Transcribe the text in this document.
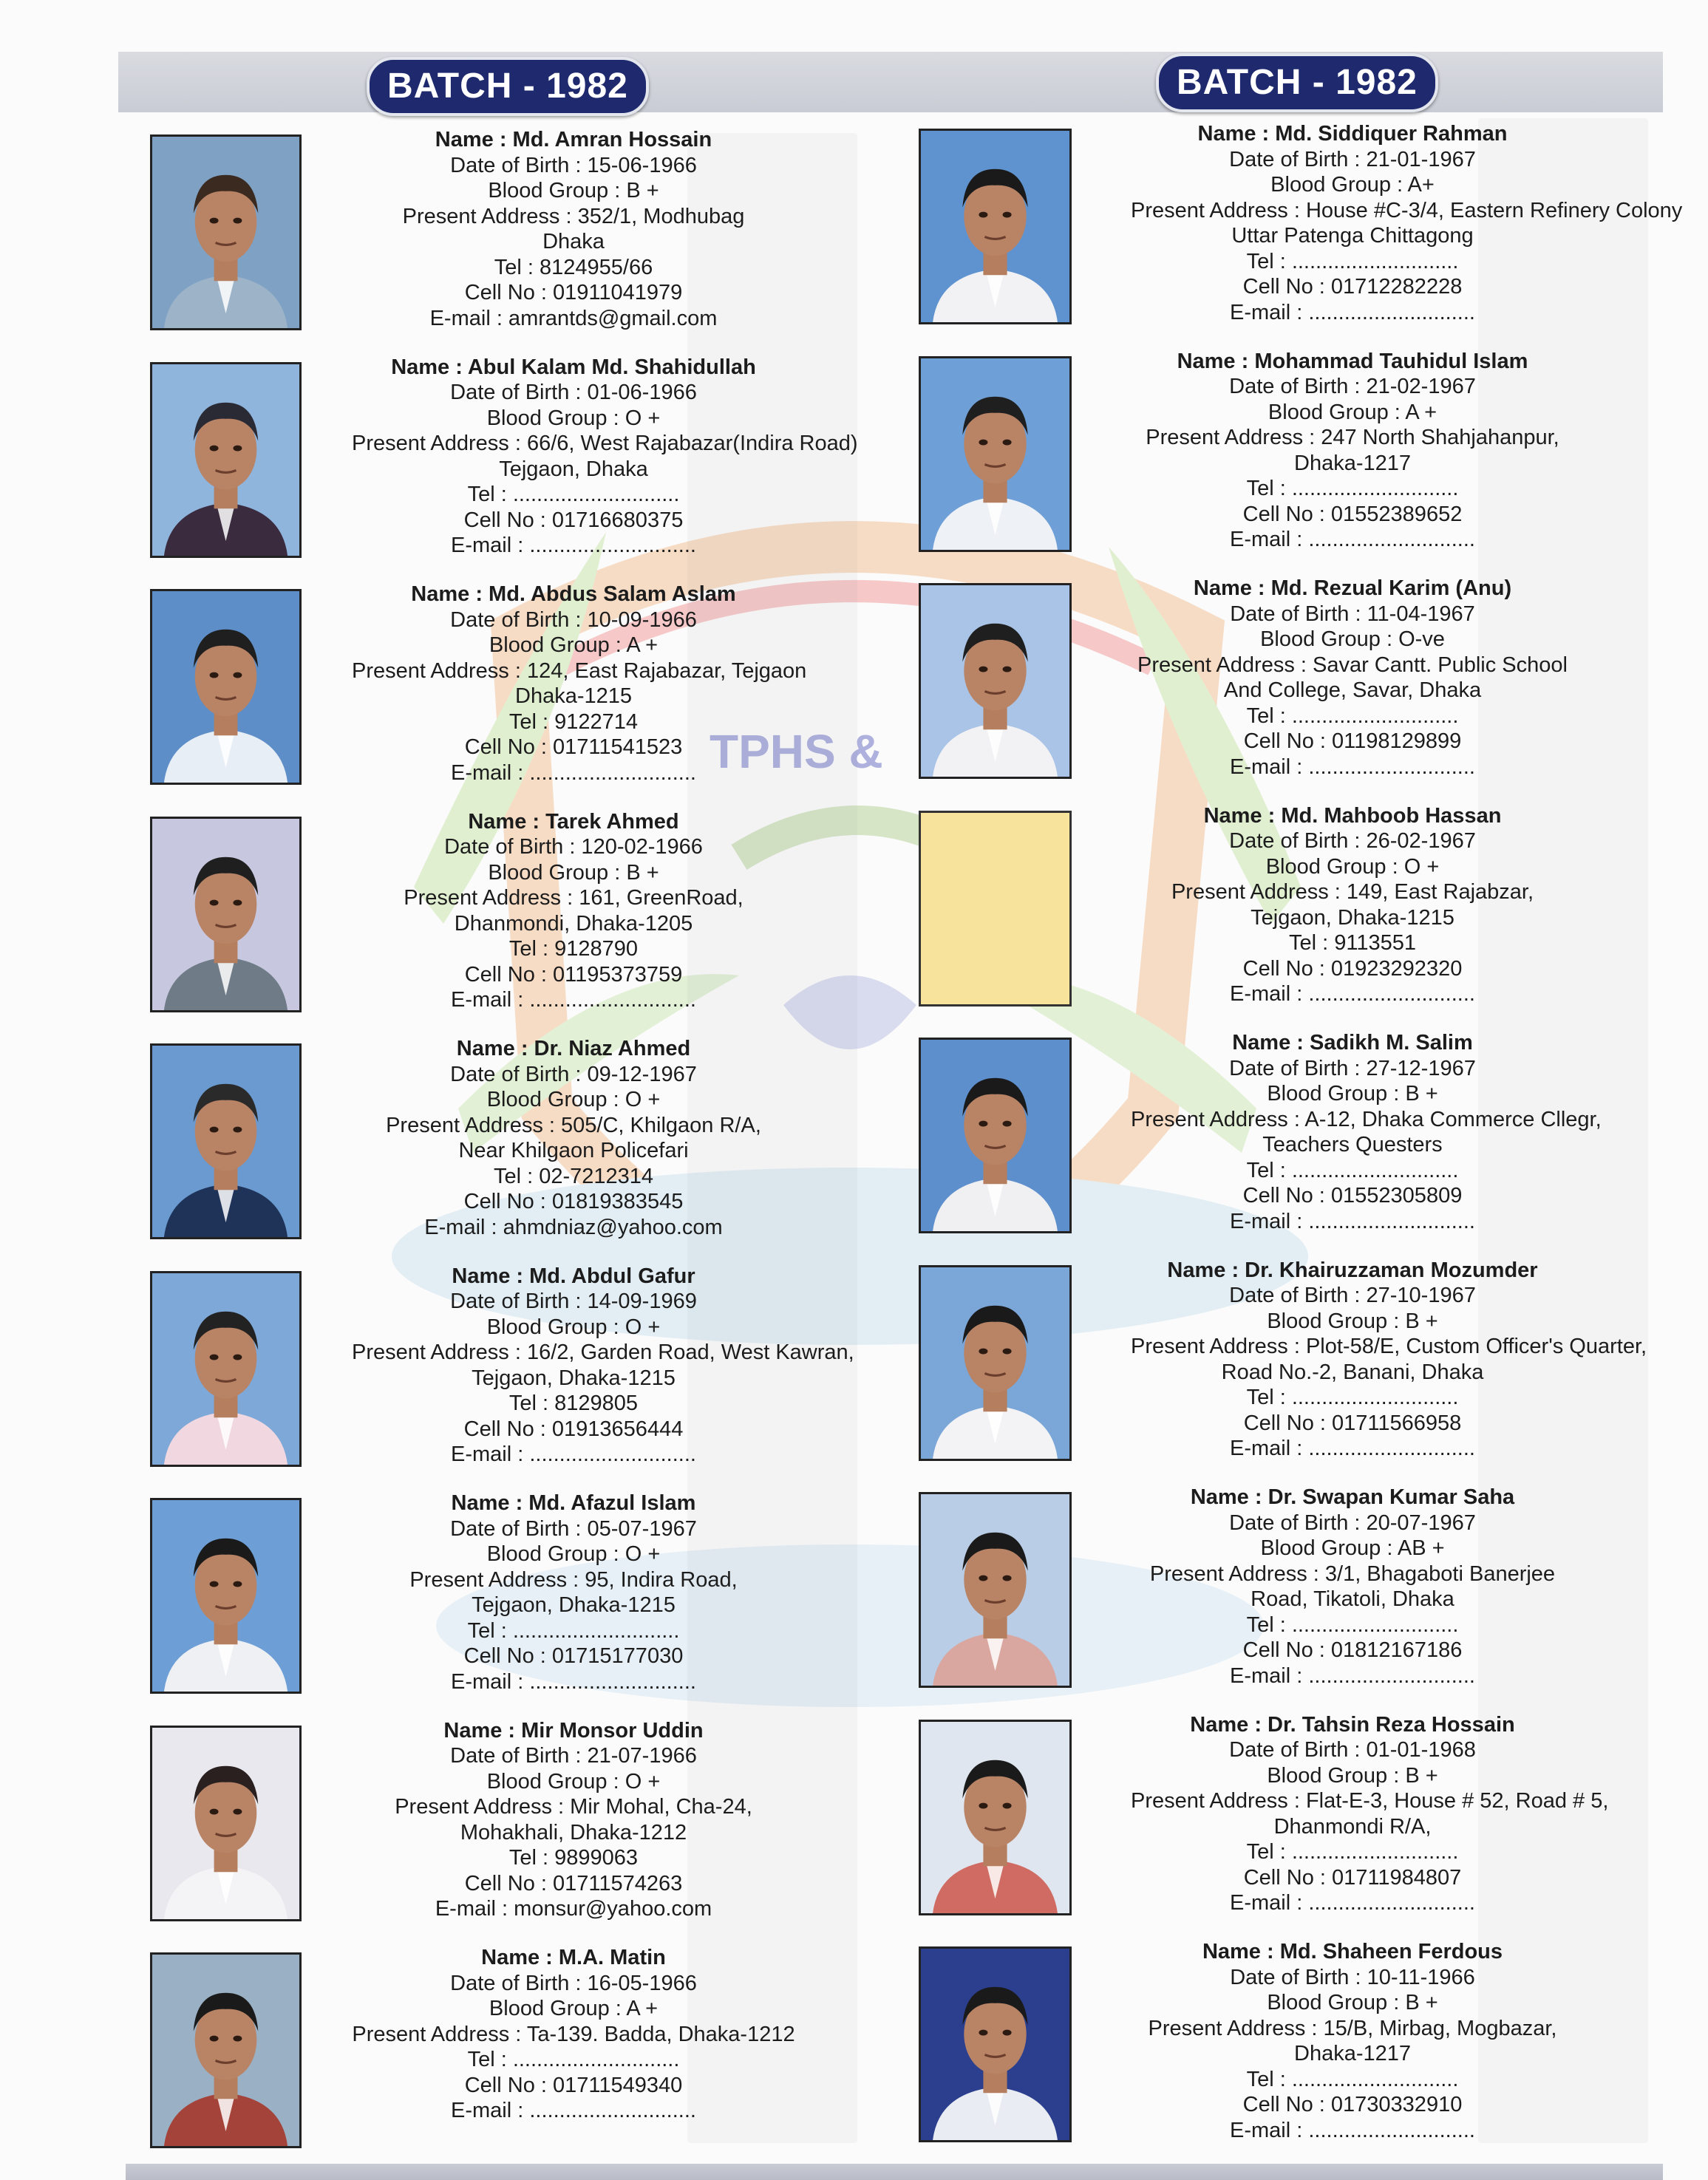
TPHS &
BATCH - 1982	BATCH - 1982
Name : Md. Amran Hossain
Date of Birth : 15-06-1966
Blood Group : B +
Present Address : 352/1, Modhubag
Dhaka
Tel : 8124955/66
Cell No : 01911041979
E-mail : amrantds@gmail.com
Name : Abul Kalam Md. Shahidullah
Date of Birth : 01-06-1966
Blood Group : O +
Present Address : 66/6, West Rajabazar(Indira Road)
Tejgaon, Dhaka
Tel : ............................
Cell No : 01716680375
E-mail : ............................
Name : Md. Abdus Salam Aslam
Date of Birth : 10-09-1966
Blood Group : A +
Present Address : 124, East Rajabazar, Tejgaon
Dhaka-1215
Tel : 9122714
Cell No : 01711541523
E-mail : ............................
Name : Tarek Ahmed
Date of Birth : 120-02-1966
Blood Group : B +
Present Address : 161, GreenRoad,
Dhanmondi, Dhaka-1205
Tel : 9128790
Cell No : 01195373759
E-mail : ............................
Name : Dr. Niaz Ahmed
Date of Birth : 09-12-1967
Blood Group : O +
Present Address : 505/C, Khilgaon R/A,
Near Khilgaon Policefari
Tel : 02-7212314
Cell No : 01819383545
E-mail : ahmdniaz@yahoo.com
Name : Md. Abdul Gafur
Date of Birth : 14-09-1969
Blood Group : O +
Present Address : 16/2, Garden Road, West Kawran,
Tejgaon, Dhaka-1215
Tel : 8129805
Cell No : 01913656444
E-mail : ............................
Name : Md. Afazul Islam
Date of Birth : 05-07-1967
Blood Group : O +
Present Address : 95, Indira Road,
Tejgaon, Dhaka-1215
Tel : ............................
Cell No : 01715177030
E-mail : ............................
Name : Mir Monsor Uddin
Date of Birth : 21-07-1966
Blood Group : O +
Present Address : Mir Mohal, Cha-24,
Mohakhali, Dhaka-1212
Tel : 9899063
Cell No : 01711574263
E-mail : monsur@yahoo.com
Name : M.A. Matin
Date of Birth : 16-05-1966
Blood Group : A +
Present Address : Ta-139. Badda, Dhaka-1212
Tel : ............................
Cell No : 01711549340
E-mail : ............................
Name : Md. Siddiquer Rahman
Date of Birth : 21-01-1967
Blood Group : A+
Present Address : House #C-3/4, Eastern Refinery Colony
Uttar Patenga Chittagong
Tel : ............................
Cell No : 01712282228
E-mail : ............................
Name : Mohammad Tauhidul Islam
Date of Birth : 21-02-1967
Blood Group : A +
Present Address : 247 North Shahjahanpur,
Dhaka-1217
Tel : ............................
Cell No : 01552389652
E-mail : ............................
Name : Md. Rezual Karim (Anu)
Date of Birth : 11-04-1967
Blood Group : O-ve
Present Address : Savar Cantt. Public School
And College, Savar, Dhaka
Tel : ............................
Cell No : 01198129899
E-mail : ............................
Name : Md. Mahboob Hassan
Date of Birth : 26-02-1967
Blood Group : O +
Present Address : 149, East Rajabzar,
Tejgaon, Dhaka-1215
Tel : 9113551
Cell No : 01923292320
E-mail : ............................
Name : Sadikh M. Salim
Date of Birth : 27-12-1967
Blood Group : B +
Present Address : A-12, Dhaka Commerce Cllegr,
Teachers Questers
Tel : ............................
Cell No : 01552305809
E-mail : ............................
Name : Dr. Khairuzzaman Mozumder
Date of Birth : 27-10-1967
Blood Group : B +
Present Address : Plot-58/E, Custom Officer's Quarter,
Road No.-2, Banani, Dhaka
Tel : ............................
Cell No : 01711566958
E-mail : ............................
Name : Dr. Swapan Kumar Saha
Date of Birth : 20-07-1967
Blood Group : AB +
Present Address : 3/1, Bhagaboti Banerjee
Road, Tikatoli, Dhaka
Tel : ............................
Cell No : 01812167186
E-mail : ............................
Name : Dr. Tahsin Reza Hossain
Date of Birth : 01-01-1968
Blood Group : B +
Present Address : Flat-E-3, House # 52, Road # 5,
Dhanmondi R/A,
Tel : ............................
Cell No : 01711984807
E-mail : ............................
Name : Md. Shaheen Ferdous
Date of Birth : 10-11-1966
Blood Group : B +
Present Address : 15/B, Mirbag, Mogbazar,
Dhaka-1217
Tel : ............................
Cell No : 01730332910
E-mail : ............................
